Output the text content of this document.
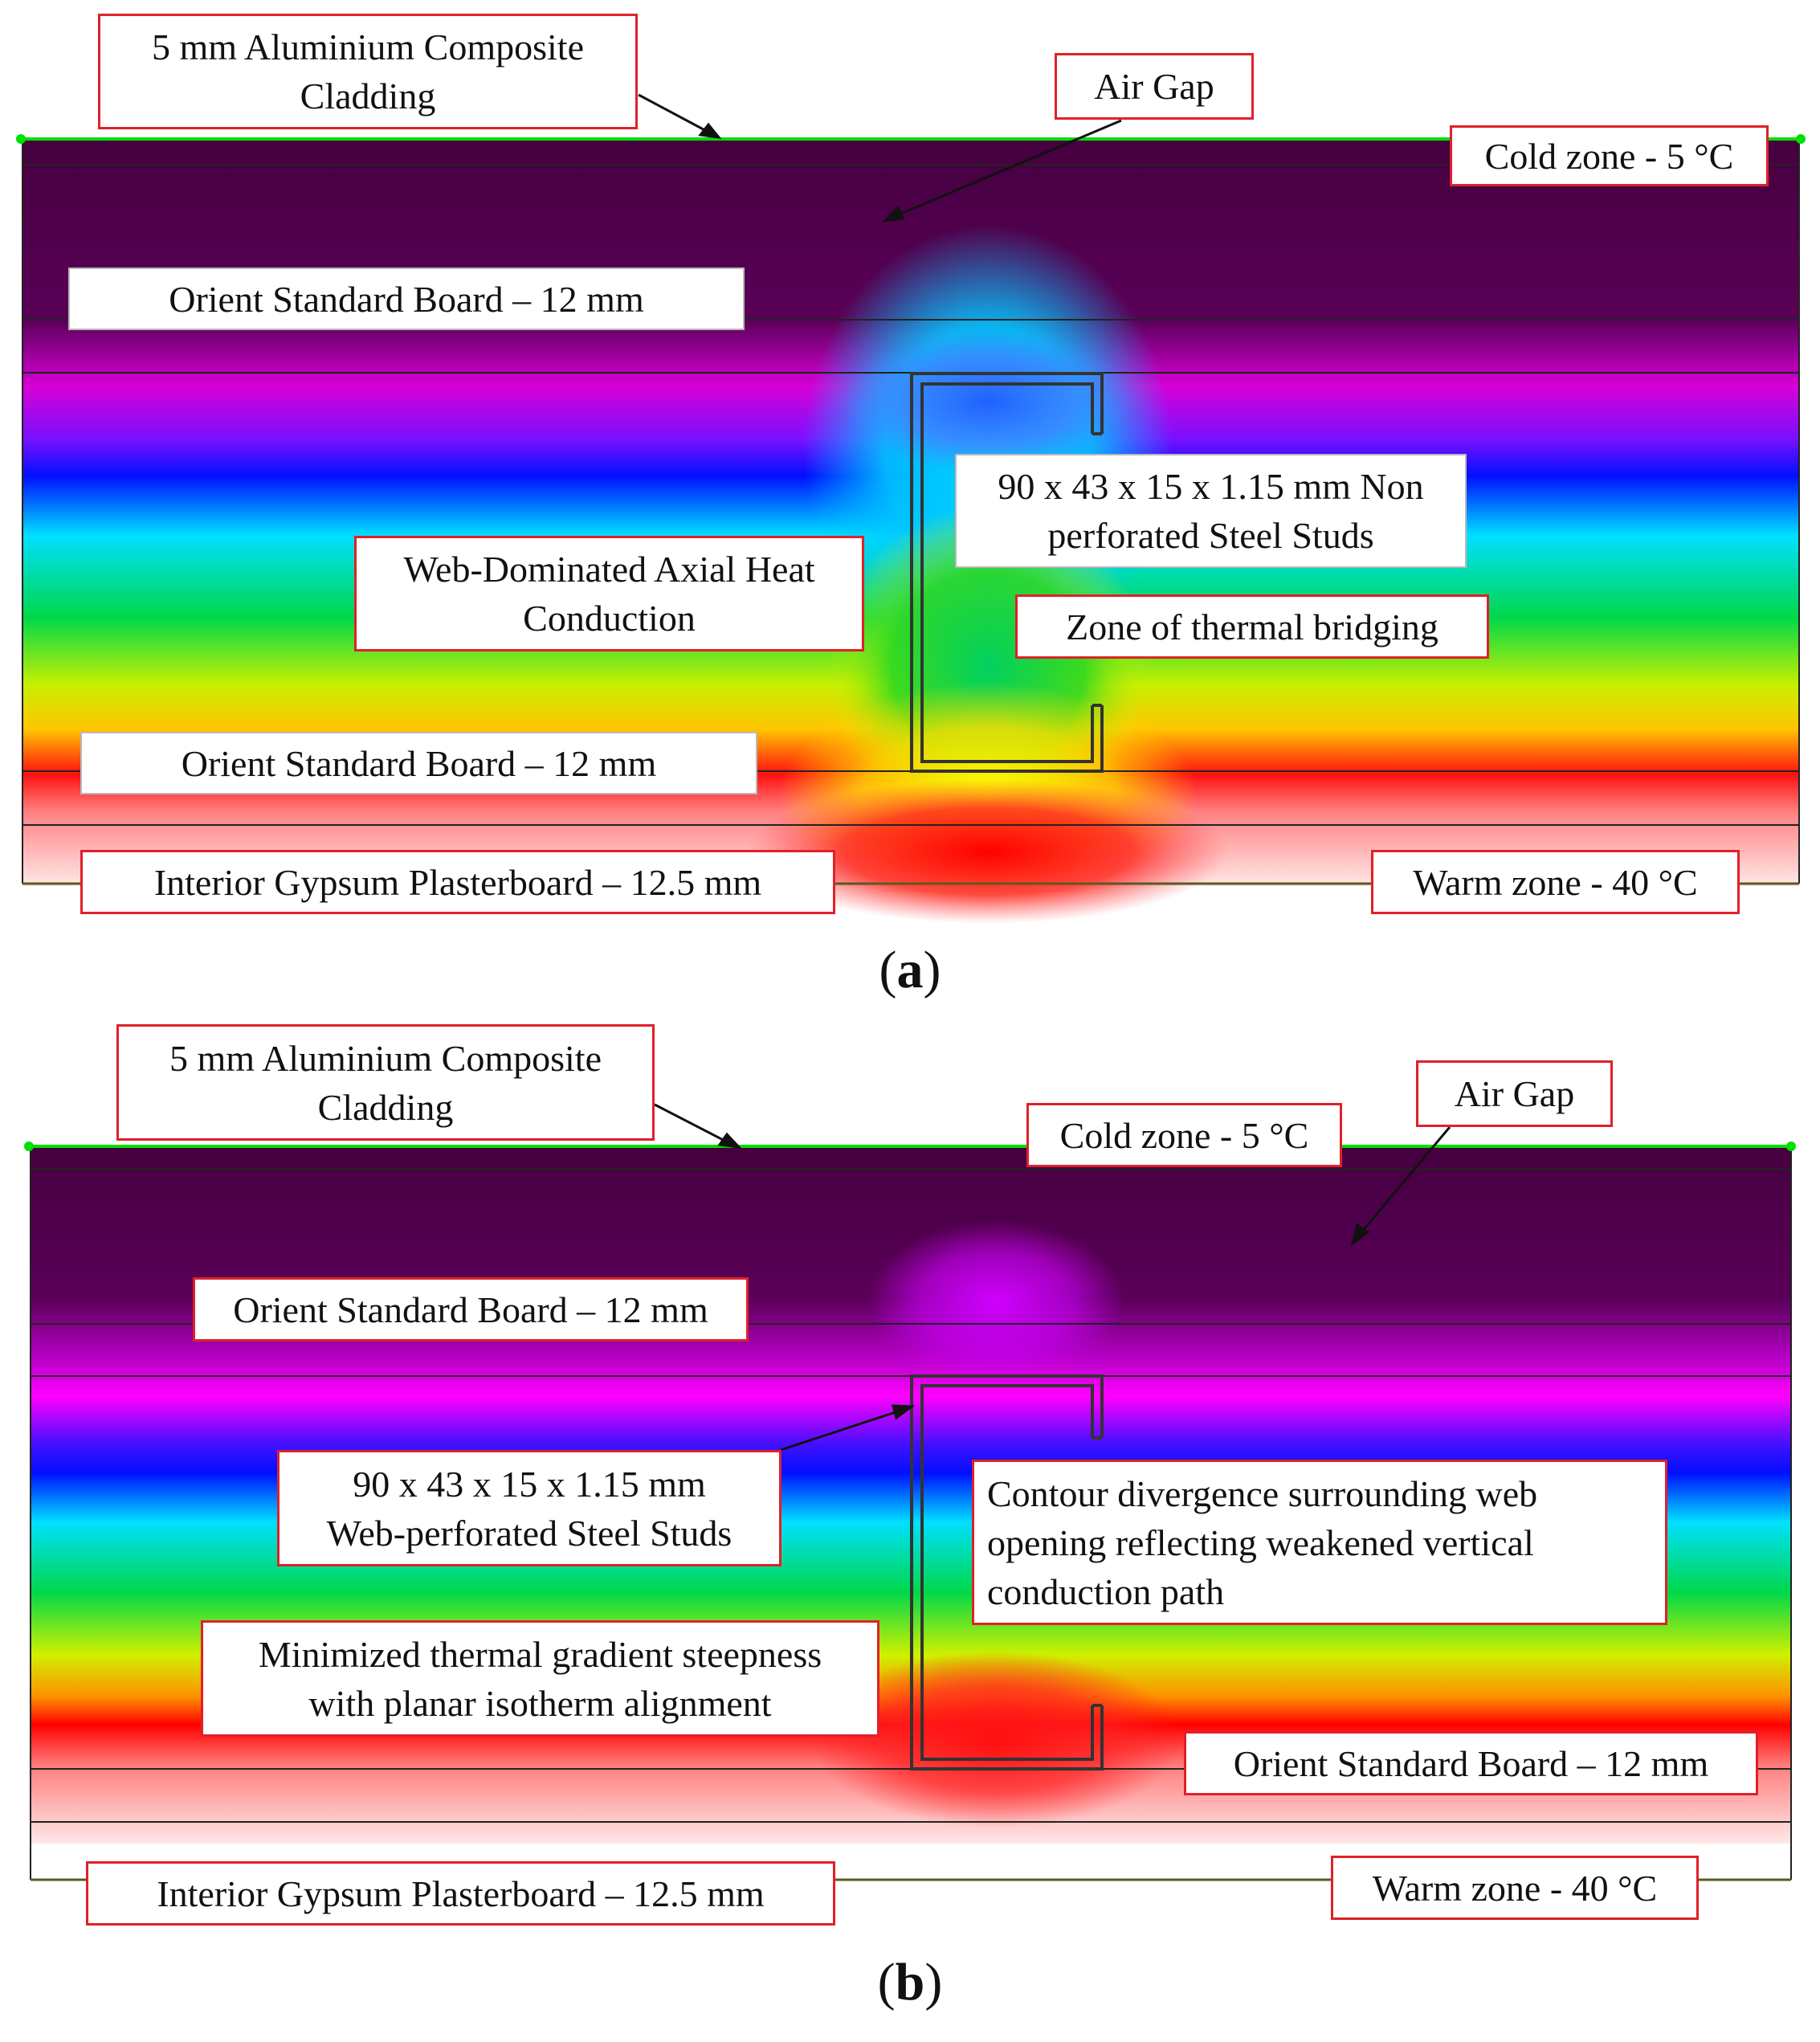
5 mm Aluminium Composite
Cladding	Air Gap
Cold zone - 5 °C
Orient Standard Board – 12 mm
90 x 43 x 15 x 1.15 mm Non
perforated Steel Studs
Web-Dominated Axial Heat
Conduction	Zone of thermal bridging
Orient Standard Board – 12 mm
Interior Gypsum Plasterboard – 12.5 mm	Warm zone - 40 °C
(a)
5 mm Aluminium Composite
Cladding	Air Gap
Cold zone - 5 °C
Orient Standard Board – 12 mm
90 x 43 x 15 x 1.15 mm
Web-perforated Steel Studs
Contour divergence surrounding web
opening reflecting weakened vertical
conduction path
Minimized thermal gradient steepness
with planar isotherm alignment
Orient Standard Board – 12 mm
Interior Gypsum Plasterboard – 12.5 mm	Warm zone - 40 °C
(b)
